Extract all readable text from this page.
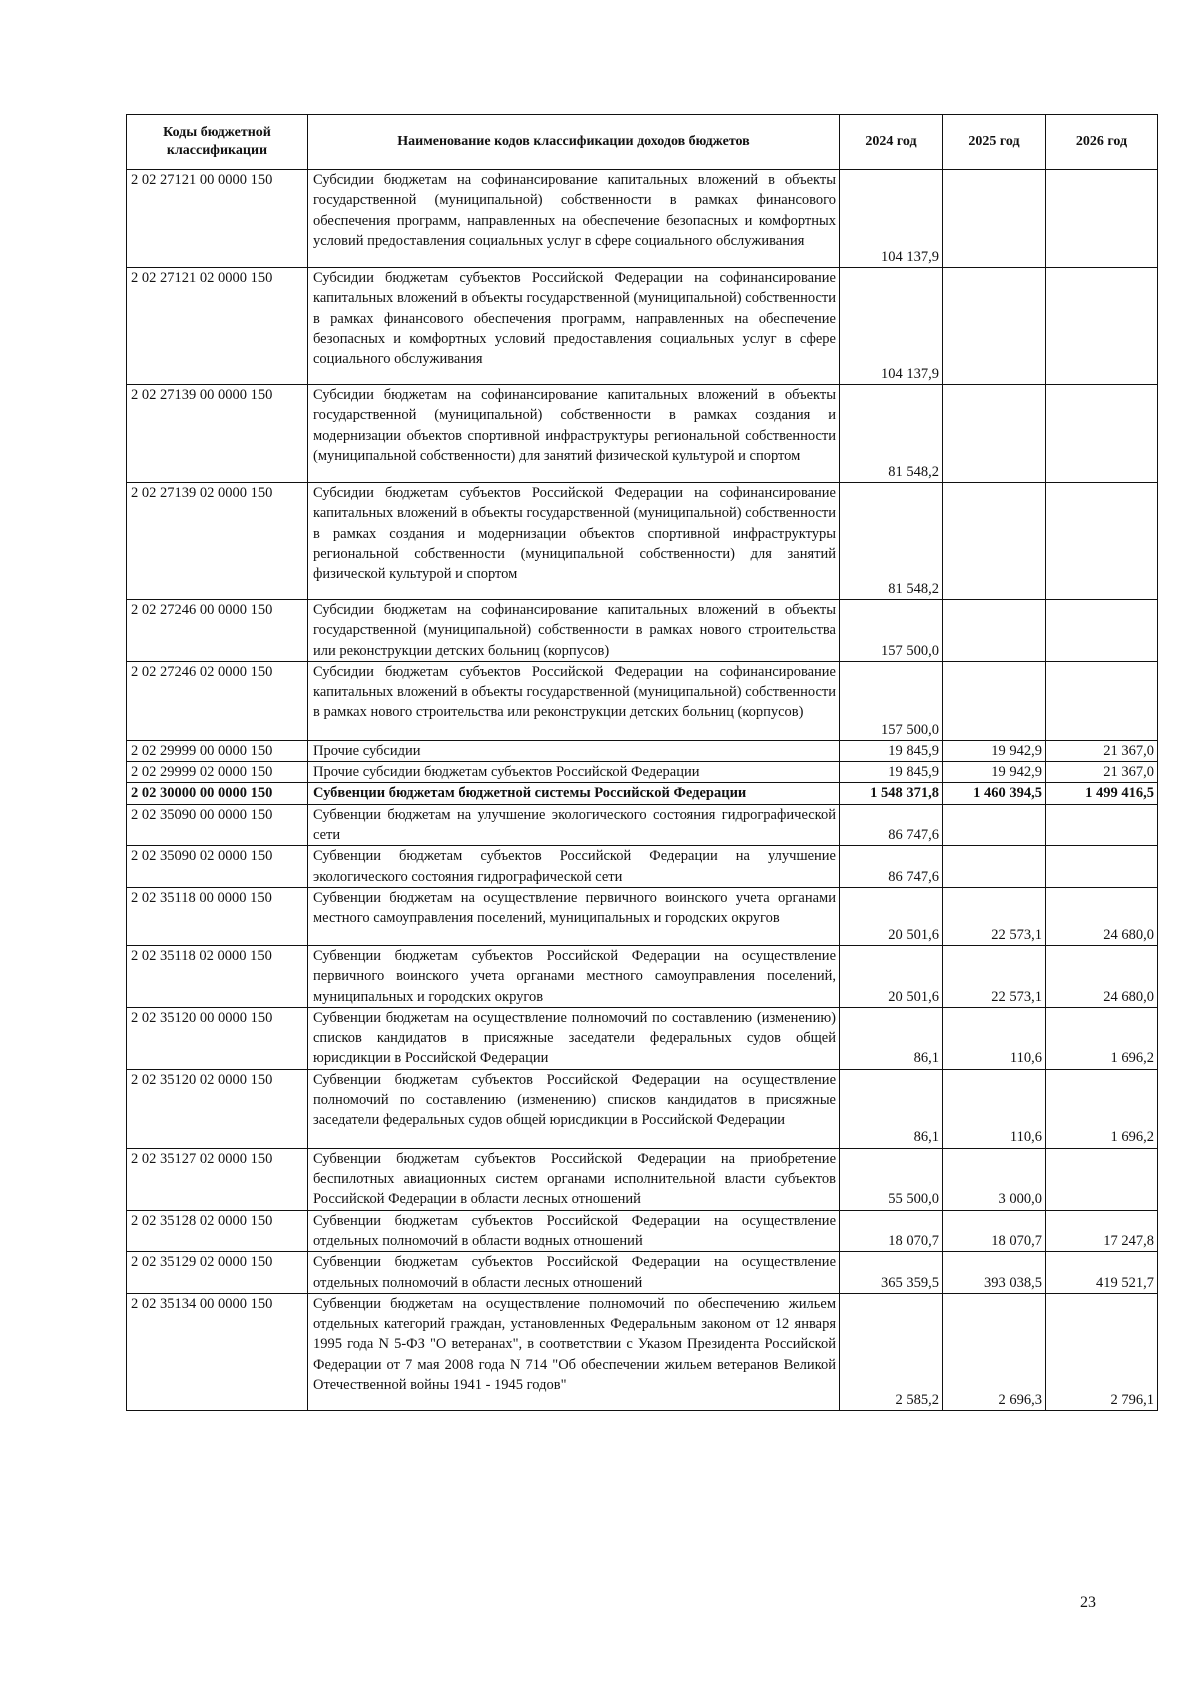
Коды бюджетной классификации	Наименование кодов классификации доходов бюджетов	2024 год	2025 год	2026 год
2 02 27121 00 0000 150	Субсидии бюджетам на софинансирование капитальных вложений в объекты государственной (муниципальной) собственности в рамках финансового обеспечения программ, направленных на обеспечение безопасных и комфортных условий предоставления социальных услуг в сфере социального обслуживания	104 137,9		
2 02 27121 02 0000 150	Субсидии бюджетам субъектов Российской Федерации на софинансирование капитальных вложений в объекты государственной (муниципальной) собственности в рамках финансового обеспечения программ, направленных на обеспечение безопасных и комфортных условий предоставления социальных услуг в сфере социального обслуживания	104 137,9		
2 02 27139 00 0000 150	Субсидии бюджетам на софинансирование капитальных вложений в объекты государственной (муниципальной) собственности в рамках создания и модернизации объектов спортивной инфраструктуры региональной собственности (муниципальной собственности) для занятий физической культурой и спортом	81 548,2		
2 02 27139 02 0000 150	Субсидии бюджетам субъектов Российской Федерации на софинансирование капитальных вложений в объекты государственной (муниципальной) собственности в рамках создания и модернизации объектов спортивной инфраструктуры региональной собственности (муниципальной собственности) для занятий физической культурой и спортом	81 548,2		
2 02 27246 00 0000 150	Субсидии бюджетам на софинансирование капитальных вложений в объекты государственной (муниципальной) собственности в рамках нового строительства или реконструкции детских больниц (корпусов)	157 500,0		
2 02 27246 02 0000 150	Субсидии бюджетам субъектов Российской Федерации на софинансирование капитальных вложений в объекты государственной (муниципальной) собственности в рамках нового строительства или реконструкции детских больниц (корпусов)	157 500,0		
2 02 29999 00 0000 150	Прочие субсидии	19 845,9	19 942,9	21 367,0
2 02 29999 02 0000 150	Прочие субсидии бюджетам субъектов Российской Федерации	19 845,9	19 942,9	21 367,0
2 02 30000 00 0000 150	Субвенции бюджетам бюджетной системы Российской Федерации	1 548 371,8	1 460 394,5	1 499 416,5
2 02 35090 00 0000 150	Субвенции бюджетам на улучшение экологического состояния гидрографической сети	86 747,6		
2 02 35090 02 0000 150	Субвенции бюджетам субъектов Российской Федерации на улучшение экологического состояния гидрографической сети	86 747,6		
2 02 35118 00 0000 150	Субвенции бюджетам на осуществление первичного воинского учета органами местного самоуправления поселений, муниципальных и городских округов	20 501,6	22 573,1	24 680,0
2 02 35118 02 0000 150	Субвенции бюджетам субъектов Российской Федерации на осуществление первичного воинского учета органами местного самоуправления поселений, муниципальных и городских округов	20 501,6	22 573,1	24 680,0
2 02 35120 00 0000 150	Субвенции бюджетам на осуществление полномочий по составлению (изменению) списков кандидатов в присяжные заседатели федеральных судов общей юрисдикции в Российской Федерации	86,1	110,6	1 696,2
2 02 35120 02 0000 150	Субвенции бюджетам субъектов Российской Федерации на осуществление полномочий по составлению (изменению) списков кандидатов в присяжные заседатели федеральных судов общей юрисдикции в Российской Федерации	86,1	110,6	1 696,2
2 02 35127 02 0000 150	Субвенции бюджетам субъектов Российской Федерации на приобретение беспилотных авиационных систем органами исполнительной власти субъектов Российской Федерации в области лесных отношений	55 500,0	3 000,0	
2 02 35128 02 0000 150	Субвенции бюджетам субъектов Российской Федерации на осуществление отдельных полномочий в области водных отношений	18 070,7	18 070,7	17 247,8
2 02 35129 02 0000 150	Субвенции бюджетам субъектов Российской Федерации на осуществление отдельных полномочий в области лесных отношений	365 359,5	393 038,5	419 521,7
2 02 35134 00 0000 150	Субвенции бюджетам на осуществление полномочий по обеспечению жильем отдельных категорий граждан, установленных Федеральным законом от 12 января 1995 года N 5-ФЗ "О ветеранах", в соответствии с Указом Президента Российской Федерации от 7 мая 2008 года N 714 "Об обеспечении жильем ветеранов Великой Отечественной войны 1941 - 1945 годов"	2 585,2	2 696,3	2 796,1
23
